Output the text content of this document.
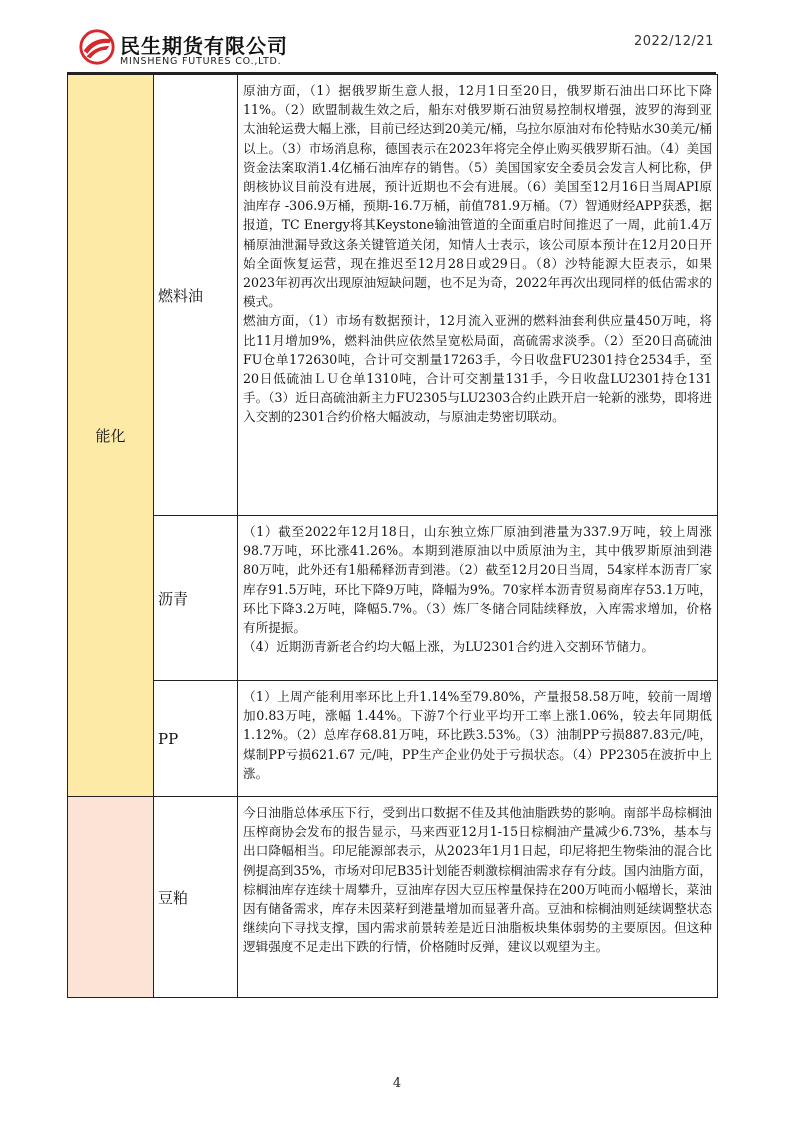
民生期货有限公司
MINSHENG FUTURES CO.,LTD.
2022/12/21
能化	燃料油	原油方面，（1）据俄罗斯生意人报，12月1日至20日，俄罗斯石油出口环比下降11%。（2）欧盟制裁生效之后，船东对俄罗斯石油贸易控制权增强，波罗的海到亚太油轮运费大幅上涨，目前已经达到20美元/桶，乌拉尔原油对布伦特贴水30美元/桶以上。（3）市场消息称，德国表示在2023年将完全停止购买俄罗斯石油。（4）美国资金法案取消1.4亿桶石油库存的销售。（5）美国国家安全委员会发言人柯比称，伊朗核协议目前没有进展，预计近期也不会有进展。（6）美国至12月16日当周API原油库存 -306.9万桶，预期-16.7万桶，前值781.9万桶。（7）智通财经APP获悉，据报道，TC Energy将其Keystone输油管道的全面重启时间推迟了一周，此前1.4万桶原油泄漏导致这条关键管道关闭，知情人士表示，该公司原本预计在12月20日开始全面恢复运营，现在推迟至12月28日或29日。（8）沙特能源大臣表示，如果2023年初再次出现原油短缺问题，也不足为奇，2022年再次出现同样的低估需求的模式。

燃油方面，（1）市场有数据预计，12月流入亚洲的燃料油套利供应量450万吨，将比11月增加9%，燃料油供应依然呈宽松局面，高硫需求淡季。（2）至20日高硫油FU仓单172630吨，合计可交割量17263手，今日收盘FU2301持仓2534手，至20日低硫油ＬＵ仓单1310吨，合计可交割量131手，今日收盘LU2301持仓131手。（3）近日高硫油新主力FU2305与LU2303合约止跌开启一轮新的涨势，即将进入交割的2301合约价格大幅波动，与原油走势密切联动。

	沥青	（1）截至2022年12月18日，山东独立炼厂原油到港量为337.9万吨，较上周涨98.7万吨，环比涨41.26%。本期到港原油以中质原油为主，其中俄罗斯原油到港80万吨，此外还有1船稀释沥青到港。（2）截至12月20日当周，54家样本沥青厂家库存91.5万吨，环比下降9万吨，降幅为9%。70家样本沥青贸易商库存53.1万吨，环比下降3.2万吨，降幅5.7%。（3）炼厂冬储合同陆续释放，入库需求增加，价格有所提振。

（4）近期沥青新老合约均大幅上涨，为LU2301合约进入交割环节储力。

	PP	（1）上周产能利用率环比上升1.14%至79.80%，产量报58.58万吨，较前一周增加0.83万吨，涨幅 1.44%。下游7个行业平均开工率上涨1.06%，较去年同期低1.12%。（2）总库存68.81万吨，环比跌3.53%。（3）油制PP亏损887.83元/吨，煤制PP亏损621.67 元/吨，PP生产企业仍处于亏损状态。（4）PP2305在波折中上涨。

	豆粕	今日油脂总体承压下行，受到出口数据不佳及其他油脂跌势的影响。南部半岛棕榈油压榨商协会发布的报告显示，马来西亚12月1-15日棕榈油产量减少6.73%，基本与出口降幅相当。印尼能源部表示，从2023年1月1日起，印尼将把生物柴油的混合比例提高到35%，市场对印尼B35计划能否刺激棕榈油需求存有分歧。国内油脂方面，棕榈油库存连续十周攀升，豆油库存因大豆压榨量保持在200万吨而小幅增长，菜油因有储备需求，库存未因菜籽到港量增加而显著升高。豆油和棕榈油则延续调整状态继续向下寻找支撑，国内需求前景转差是近日油脂板块集体弱势的主要原因。但这种逻辑强度不足走出下跌的行情，价格随时反弹，建议以观望为主。

4
